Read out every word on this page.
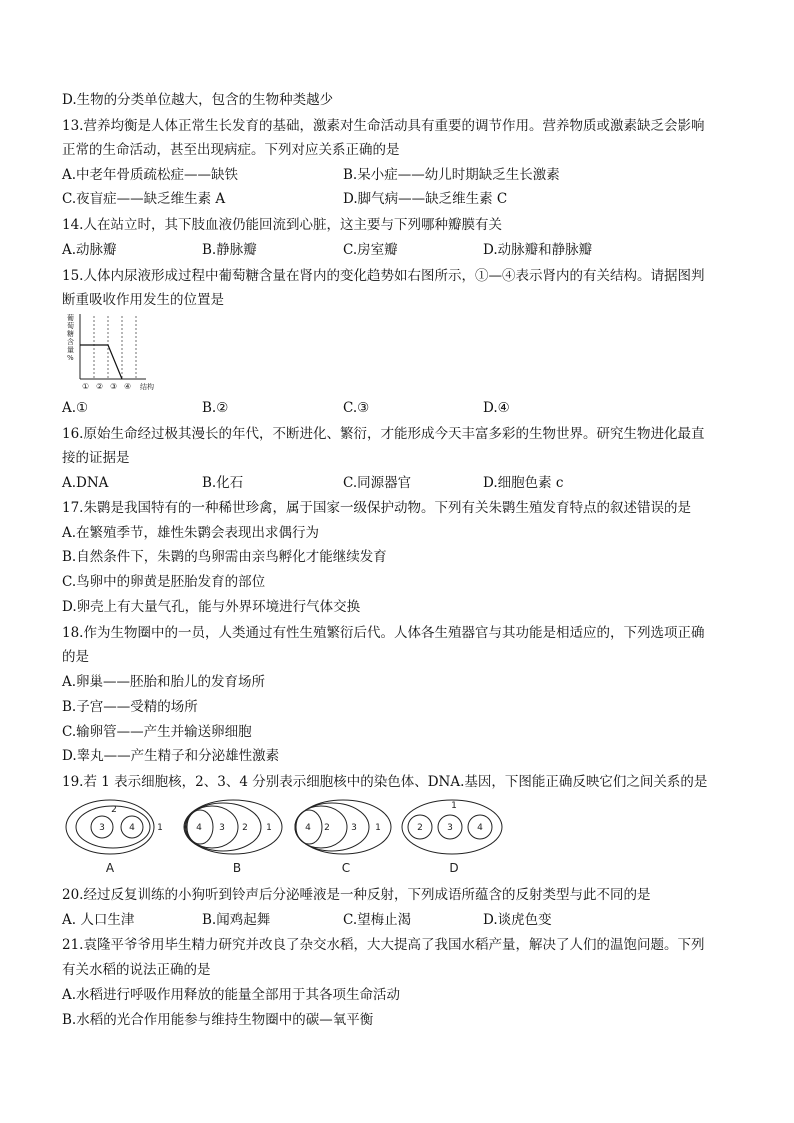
D.生物的分类单位越大，包含的生物种类越少
13.营养均衡是人体正常生长发育的基础，激素对生命活动具有重要的调节作用。营养物质或激素缺乏会影响
正常的生命活动，甚至出现病症。下列对应关系正确的是
A.中老年骨质疏松症——缺铁	B.呆小症——幼儿时期缺乏生长激素
C.夜盲症——缺乏维生素 A	D.脚气病——缺乏维生素 C
14.人在站立时，其下肢血液仍能回流到心脏，这主要与下列哪种瓣膜有关
A.动脉瓣	B.静脉瓣	C.房室瓣	D.动脉瓣和静脉瓣
15.人体内尿液形成过程中葡萄糖含量在肾内的变化趋势如右图所示，①—④表示肾内的有关结构。请据图判
断重吸收作用发生的位置是
葡
萄
糖
含
量
%
① ② ③ ④ 结构
A.①	B.②	C.③	D.④
16.原始生命经过极其漫长的年代，不断进化、繁衍，才能形成今天丰富多彩的生物世界。研究生物进化最直
接的证据是
A.DNA	B.化石	C.同源器官	D.细胞色素 c
17.朱鹮是我国特有的一种稀世珍禽，属于国家一级保护动物。下列有关朱鹮生殖发育特点的叙述错误的是
A.在繁殖季节，雄性朱鹮会表现出求偶行为
B.自然条件下，朱鹮的鸟卵需由亲鸟孵化才能继续发育
C.鸟卵中的卵黄是胚胎发育的部位
D.卵壳上有大量气孔，能与外界环境进行气体交换
18.作为生物圈中的一员，人类通过有性生殖繁衍后代。人体各生殖器官与其功能是相适应的，下列选项正确
的是
A.卵巢——胚胎和胎儿的发育场所
B.子宫——受精的场所
C.输卵管——产生并输送卵细胞
D.睾丸——产生精子和分泌雄性激素
19.若 1 表示细胞核，2、3、4 分别表示细胞核中的染色体、DNA.基因，下图能正确反映它们之间关系的是
2
3	4 1
A
4 3 2 1
B
4 2 3 1
C
1
2	3	4
D
20.经过反复训练的小狗听到铃声后分泌唾液是一种反射，下列成语所蕴含的反射类型与此不同的是
A. 人口生津	B.闻鸡起舞	C.望梅止渴	D.谈虎色变
21.袁隆平爷爷用毕生精力研究并改良了杂交水稻，大大提高了我国水稻产量，解决了人们的温饱问题。下列
有关水稻的说法正确的是
A.水稻进行呼吸作用释放的能量全部用于其各项生命活动
B.水稻的光合作用能参与维持生物圈中的碳—氧平衡
